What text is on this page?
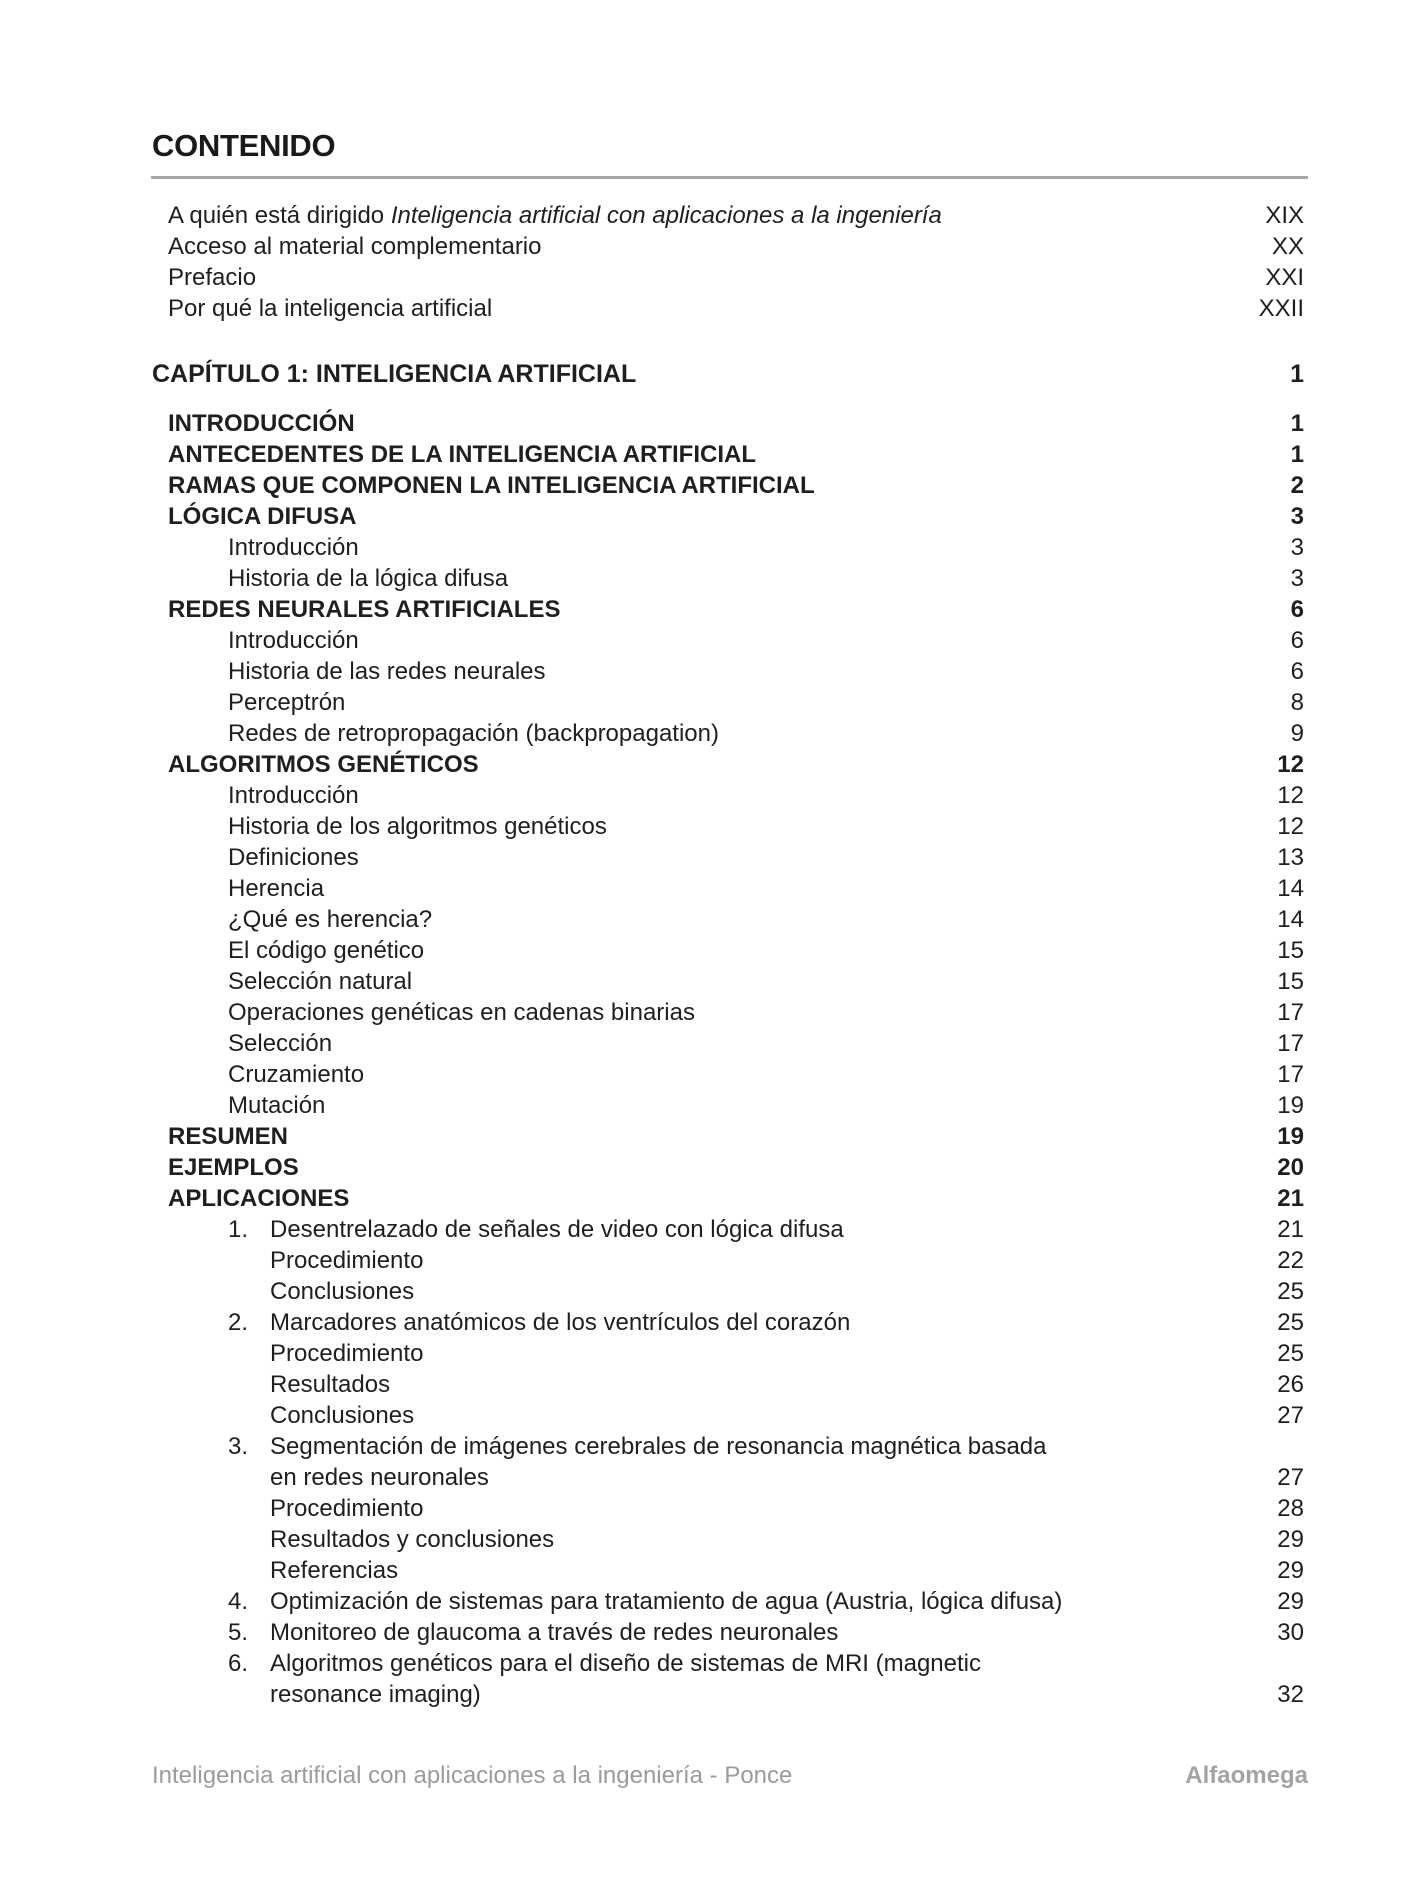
CONTENIDO
A quién está dirigido Inteligencia artificial con aplicaciones a la ingeniería	XIX
Acceso al material complementario	XX
Prefacio	XXI
Por qué la inteligencia artificial	XXII
CAPÍTULO 1: INTELIGENCIA ARTIFICIAL	1
INTRODUCCIÓN	1
ANTECEDENTES DE LA INTELIGENCIA ARTIFICIAL	1
RAMAS QUE COMPONEN LA INTELIGENCIA ARTIFICIAL	2
LÓGICA DIFUSA	3
Introducción	3
Historia de la lógica difusa	3
REDES NEURALES ARTIFICIALES	6
Introducción	6
Historia de las redes neurales	6
Perceptrón	8
Redes de retropropagación (backpropagation)	9
ALGORITMOS GENÉTICOS	12
Introducción	12
Historia de los algoritmos genéticos	12
Definiciones	13
Herencia	14
¿Qué es herencia?	14
El código genético	15
Selección natural	15
Operaciones genéticas en cadenas binarias	17
Selección	17
Cruzamiento	17
Mutación	19
RESUMEN	19
EJEMPLOS	20
APLICACIONES	21
1. Desentrelazado de señales de video con lógica difusa	21
Procedimiento	22
Conclusiones	25
2. Marcadores anatómicos de los ventrículos del corazón	25
Procedimiento	25
Resultados	26
Conclusiones	27
3. Segmentación de imágenes cerebrales de resonancia magnética basada
en redes neuronales	27
Procedimiento	28
Resultados y conclusiones	29
Referencias	29
4. Optimización de sistemas para tratamiento de agua (Austria, lógica difusa)	29
5. Monitoreo de glaucoma a través de redes neuronales	30
6. Algoritmos genéticos para el diseño de sistemas de MRI (magnetic
resonance imaging)	32
Inteligencia artificial con aplicaciones a la ingeniería - Ponce	Alfaomega
